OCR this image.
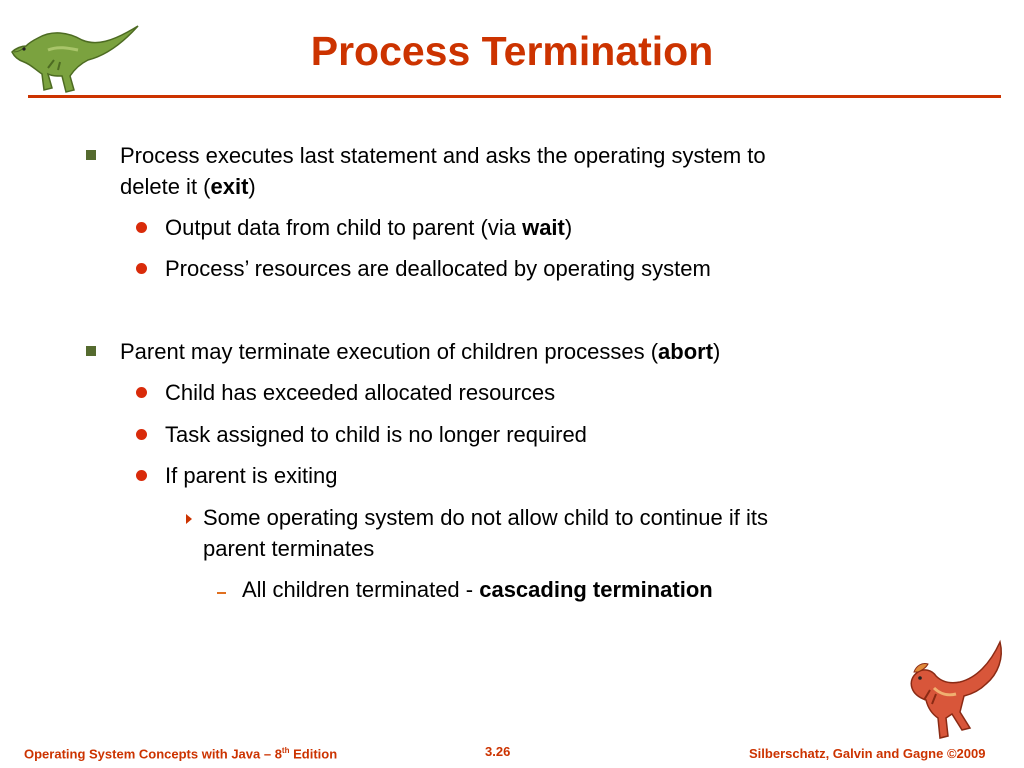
Process Termination
Process executes last statement and asks the operating system to
delete it (exit)
Output data from child to parent (via wait)
Process’ resources are deallocated by operating system
Parent may terminate execution of children processes (abort)
Child has exceeded allocated resources
Task assigned to child is no longer required
If parent is exiting
Some operating system do not allow child to continue if its
parent terminates
All children terminated - cascading termination
Operating System Concepts with Java – 8th Edition	3.26	Silberschatz, Galvin and Gagne ©2009
